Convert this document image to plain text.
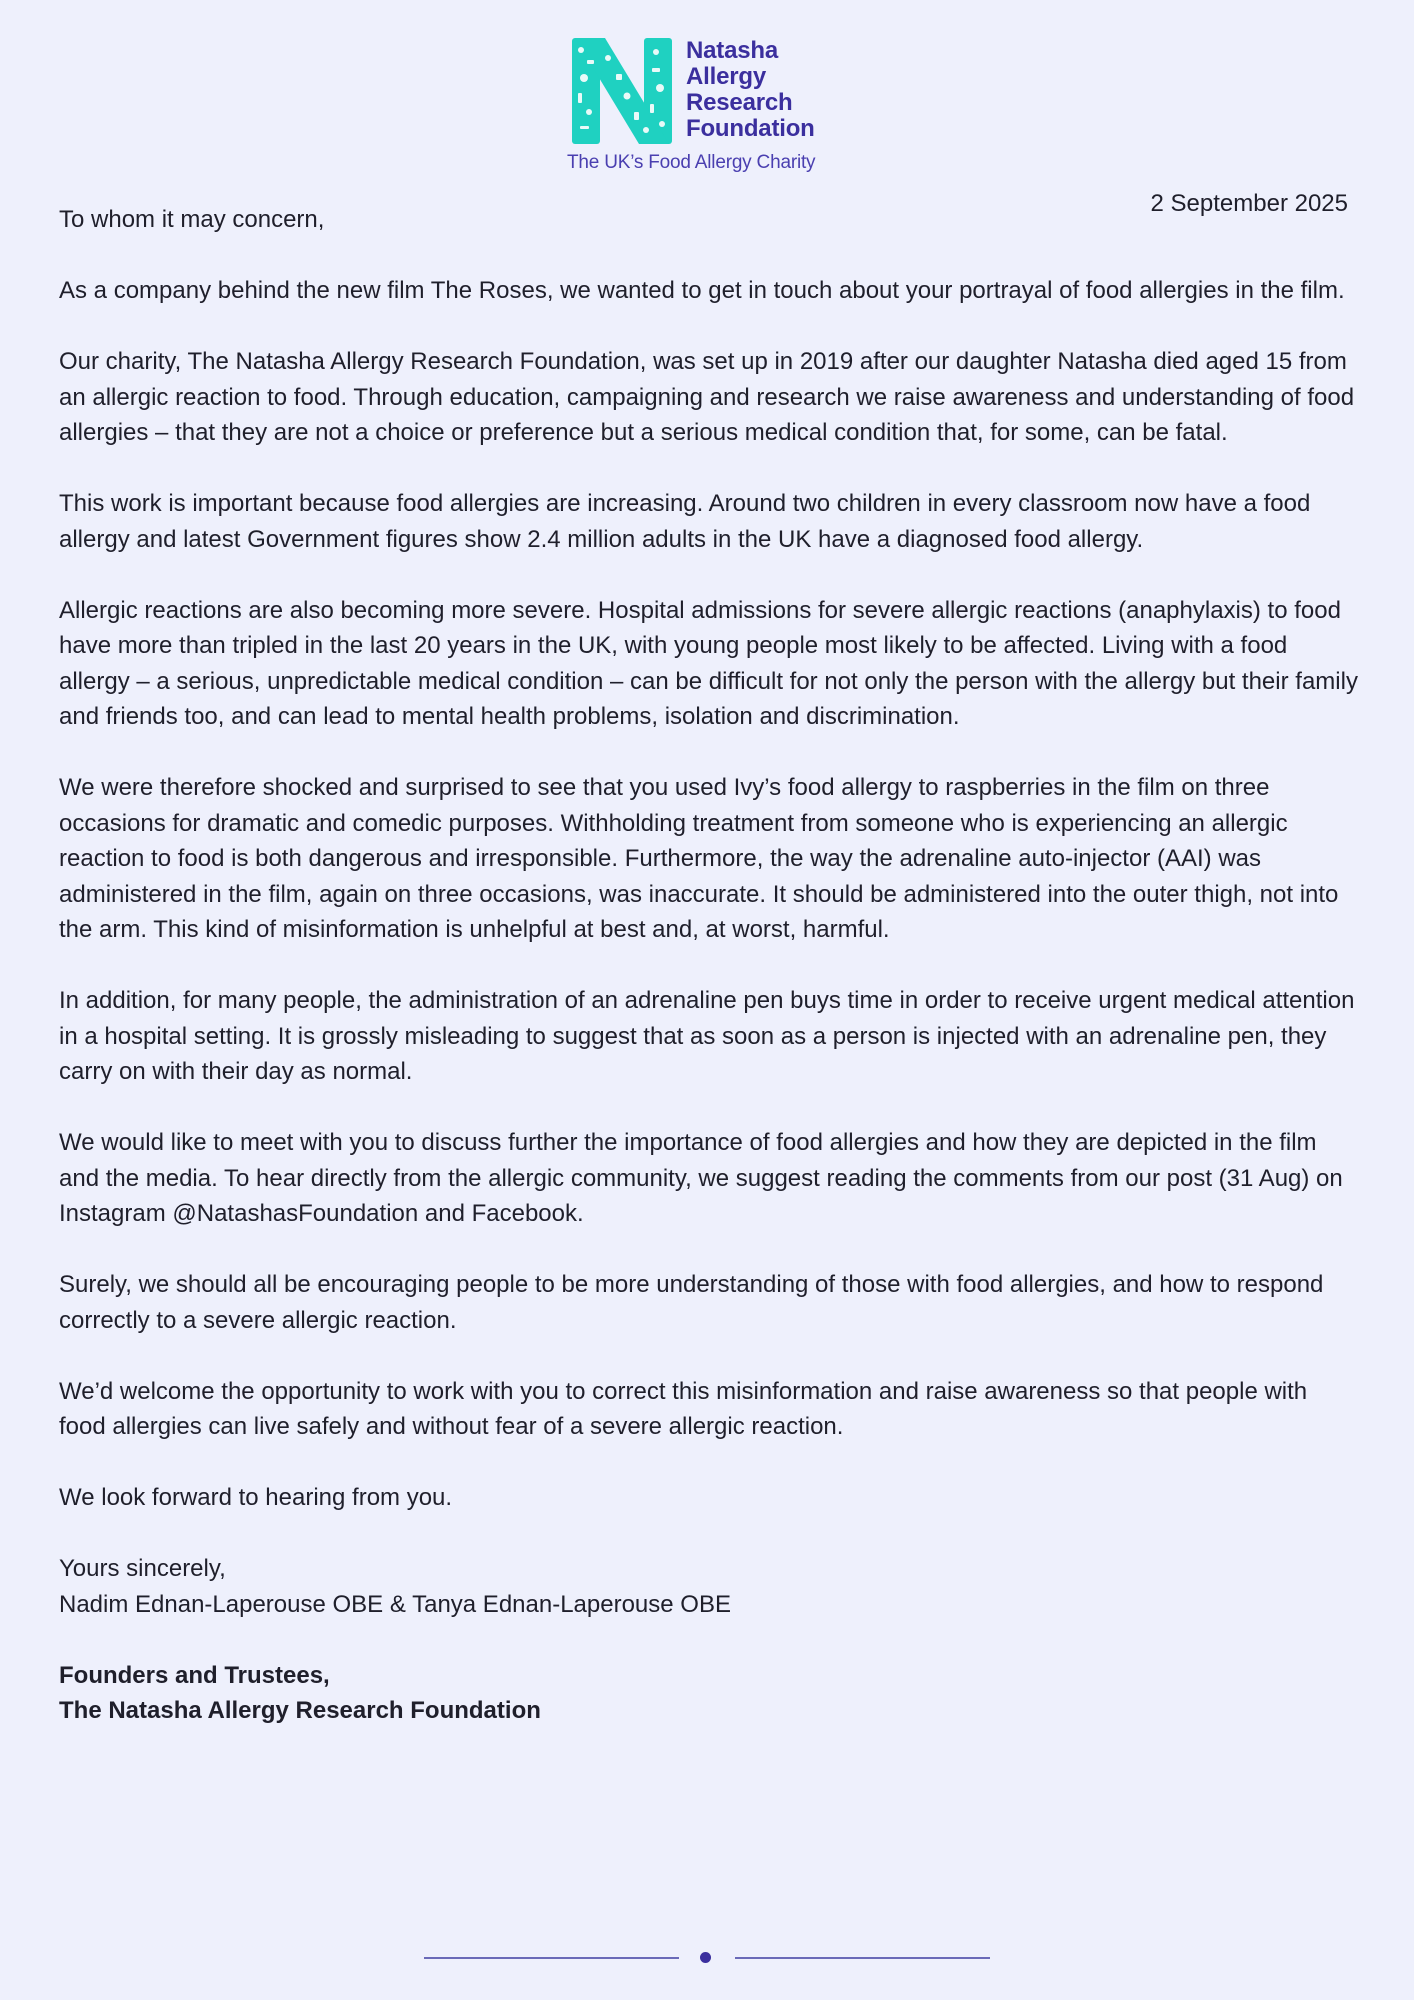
Natasha
Allergy
Research
Foundation
The UK’s Food Allergy Charity
2 September 2025

To whom it may concern,

As a company behind the new film The Roses, we wanted to get in touch about your portrayal of food allergies in the film.

Our charity, The Natasha Allergy Research Foundation, was set up in 2019 after our daughter Natasha died aged 15 from an allergic reaction to food. Through education, campaigning and research we raise awareness and understanding of food allergies – that they are not a choice or preference but a serious medical condition that, for some, can be fatal.

This work is important because food allergies are increasing. Around two children in every classroom now have a food allergy and latest Government figures show 2.4 million adults in the UK have a diagnosed food allergy.

Allergic reactions are also becoming more severe. Hospital admissions for severe allergic reactions (anaphylaxis) to food have more than tripled in the last 20 years in the UK, with young people most likely to be affected. Living with a food allergy – a serious, unpredictable medical condition – can be difficult for not only the person with the allergy but their family and friends too, and can lead to mental health problems, isolation and discrimination.

We were therefore shocked and surprised to see that you used Ivy’s food allergy to raspberries in the film on three occasions for dramatic and comedic purposes. Withholding treatment from someone who is experiencing an allergic reaction to food is both dangerous and irresponsible. Furthermore, the way the adrenaline auto-injector (AAI) was administered in the film, again on three occasions, was inaccurate. It should be administered into the outer thigh, not into the arm. This kind of misinformation is unhelpful at best and, at worst, harmful.

In addition, for many people, the administration of an adrenaline pen buys time in order to receive urgent medical attention in a hospital setting. It is grossly misleading to suggest that as soon as a person is injected with an adrenaline pen, they carry on with their day as normal.

We would like to meet with you to discuss further the importance of food allergies and how they are depicted in the film and the media. To hear directly from the allergic community, we suggest reading the comments from our post (31 Aug) on Instagram @NatashasFoundation and Facebook.

Surely, we should all be encouraging people to be more understanding of those with food allergies, and how to respond correctly to a severe allergic reaction.

We’d welcome the opportunity to work with you to correct this misinformation and raise awareness so that people with food allergies can live safely and without fear of a severe allergic reaction.

We look forward to hearing from you.

Yours sincerely,

Nadim Ednan-Laperouse OBE & Tanya Ednan-Laperouse OBE

Founders and Trustees,

The Natasha Allergy Research Foundation
